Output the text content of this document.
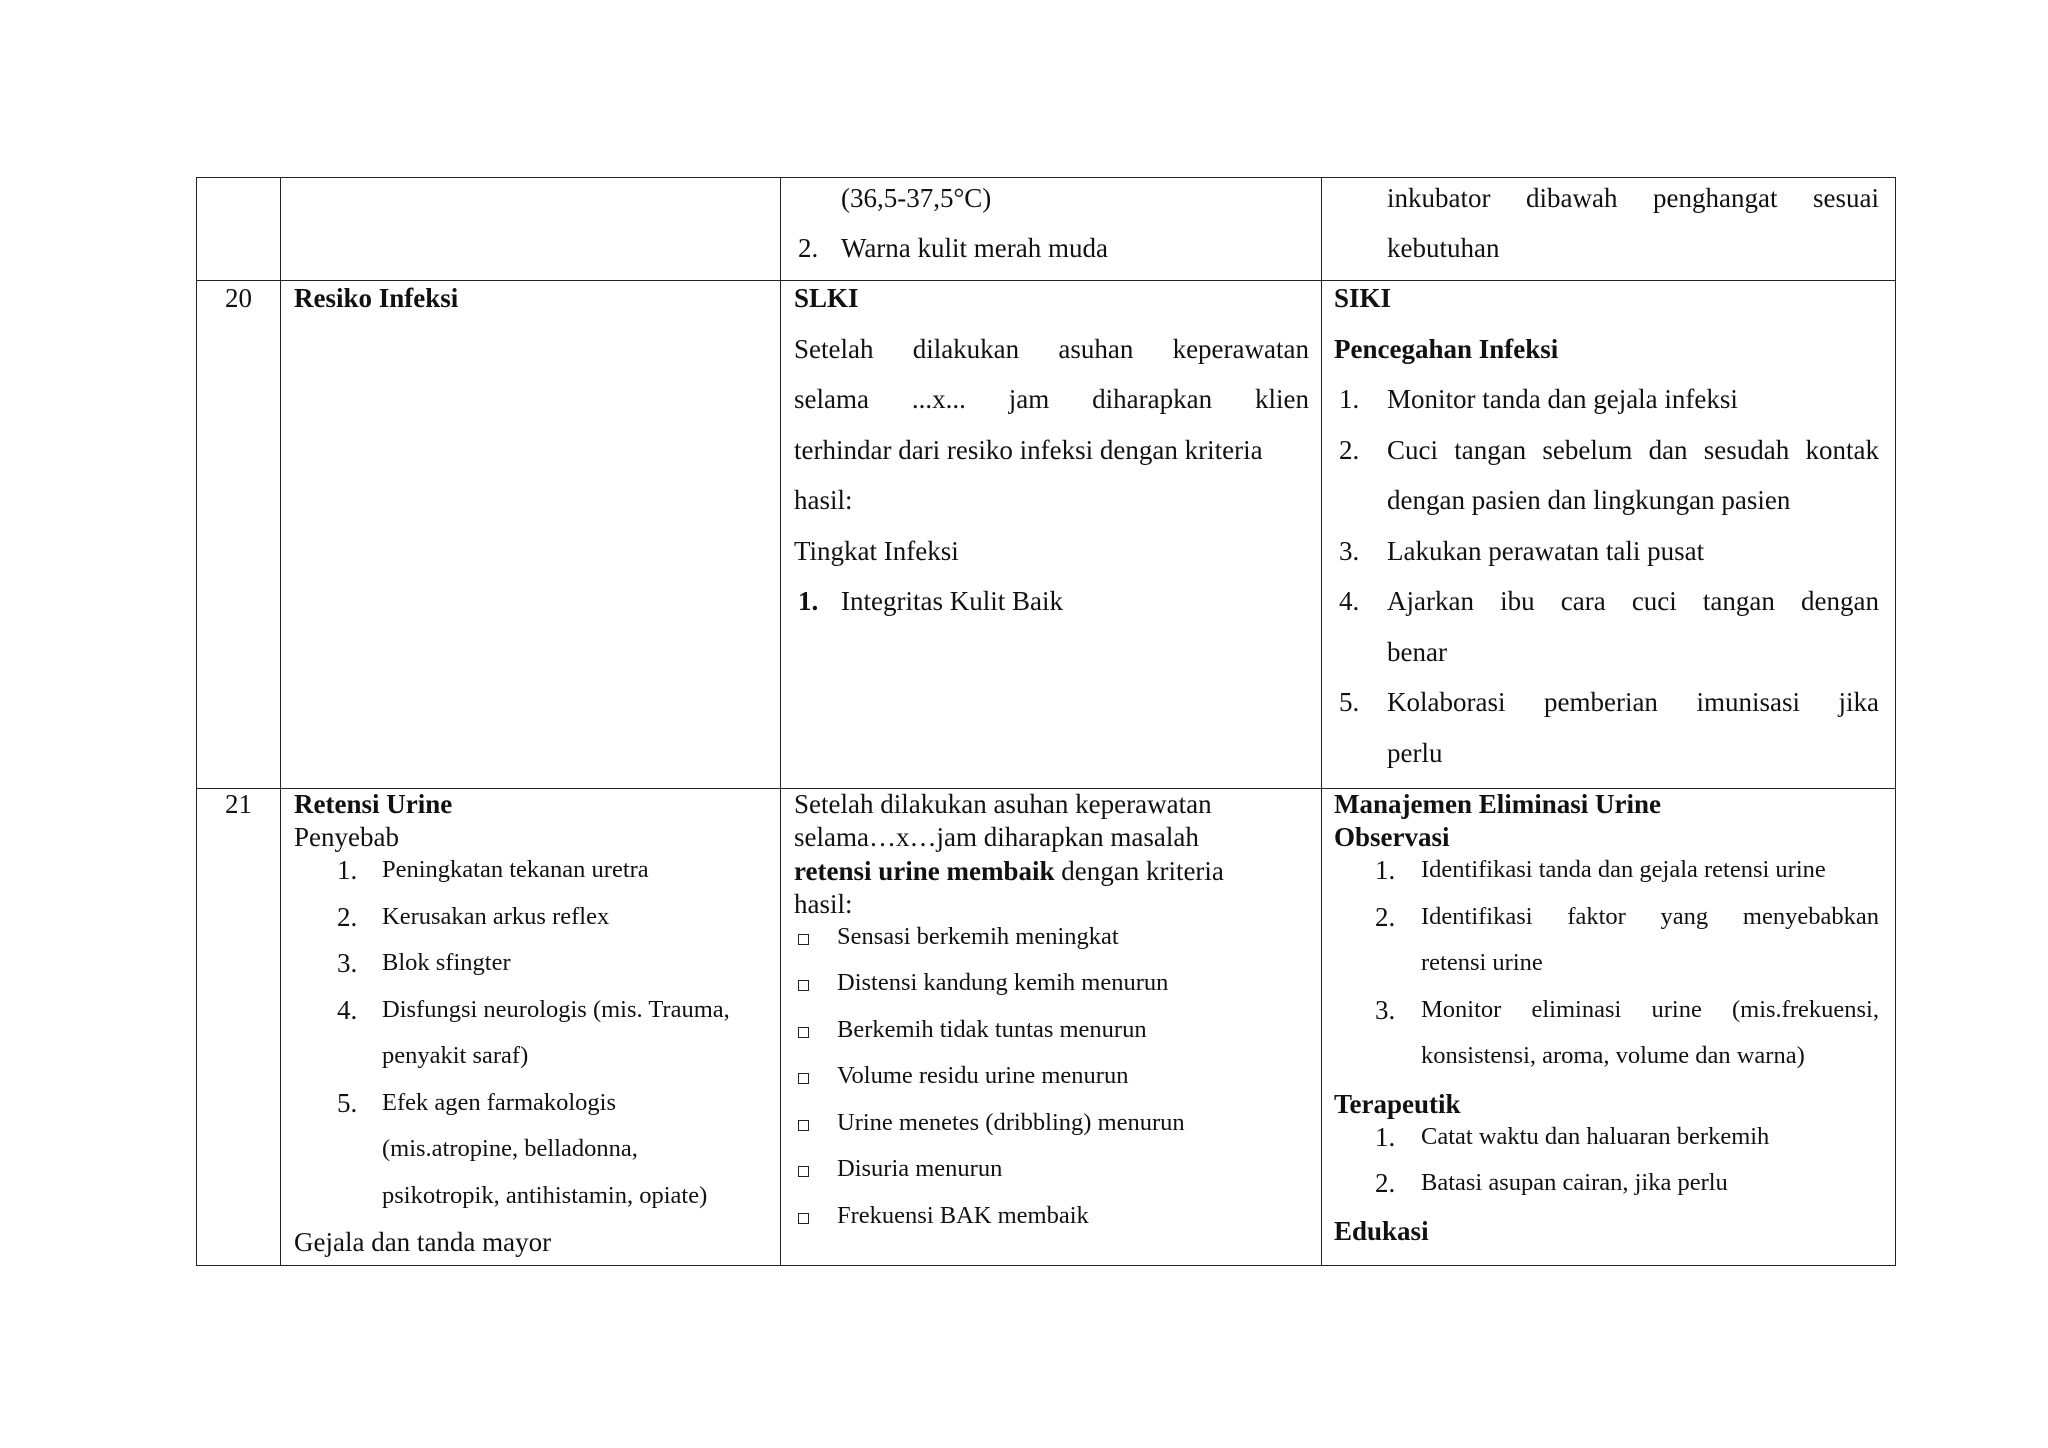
(36,5-37,5°C)
2. Warna kulit merah muda
inkubator dibawah penghangat sesuai
kebutuhan
20 Resiko Infeksi	SLKI
Setelah dilakukan asuhan keperawatan
selama ...x... jam diharapkan klien
terhindar dari resiko infeksi dengan kriteria
hasil:
Tingkat Infeksi
1. Integritas Kulit Baik
SIKI
Pencegahan Infeksi
1. Monitor tanda dan gejala infeksi
2. Cuci tangan sebelum dan sesudah kontak
dengan pasien dan lingkungan pasien
3. Lakukan perawatan tali pusat
4. Ajarkan ibu cara cuci tangan dengan
benar
5. Kolaborasi pemberian imunisasi jika
perlu
21 Retensi Urine
Penyebab
1. Peningkatan tekanan uretra
2. Kerusakan arkus reflex
3. Blok sfingter
4. Disfungsi neurologis (mis. Trauma,
penyakit saraf)
5. Efek agen farmakologis
(mis.atropine, belladonna,
psikotropik, antihistamin, opiate)
Gejala dan tanda mayor
Setelah dilakukan asuhan keperawatan
selama…x…jam diharapkan masalah
retensi urine membaik dengan kriteria
hasil:
Sensasi berkemih meningkat
Distensi kandung kemih menurun
Berkemih tidak tuntas menurun
Volume residu urine menurun
Urine menetes (dribbling) menurun
Disuria menurun
Frekuensi BAK membaik
Manajemen Eliminasi Urine
Observasi
1. Identifikasi tanda dan gejala retensi urine
2. Identifikasi faktor yang menyebabkan
retensi urine
3. Monitor eliminasi urine (mis.frekuensi,
konsistensi, aroma, volume dan warna)
Terapeutik
1. Catat waktu dan haluaran berkemih
2. Batasi asupan cairan, jika perlu
Edukasi
